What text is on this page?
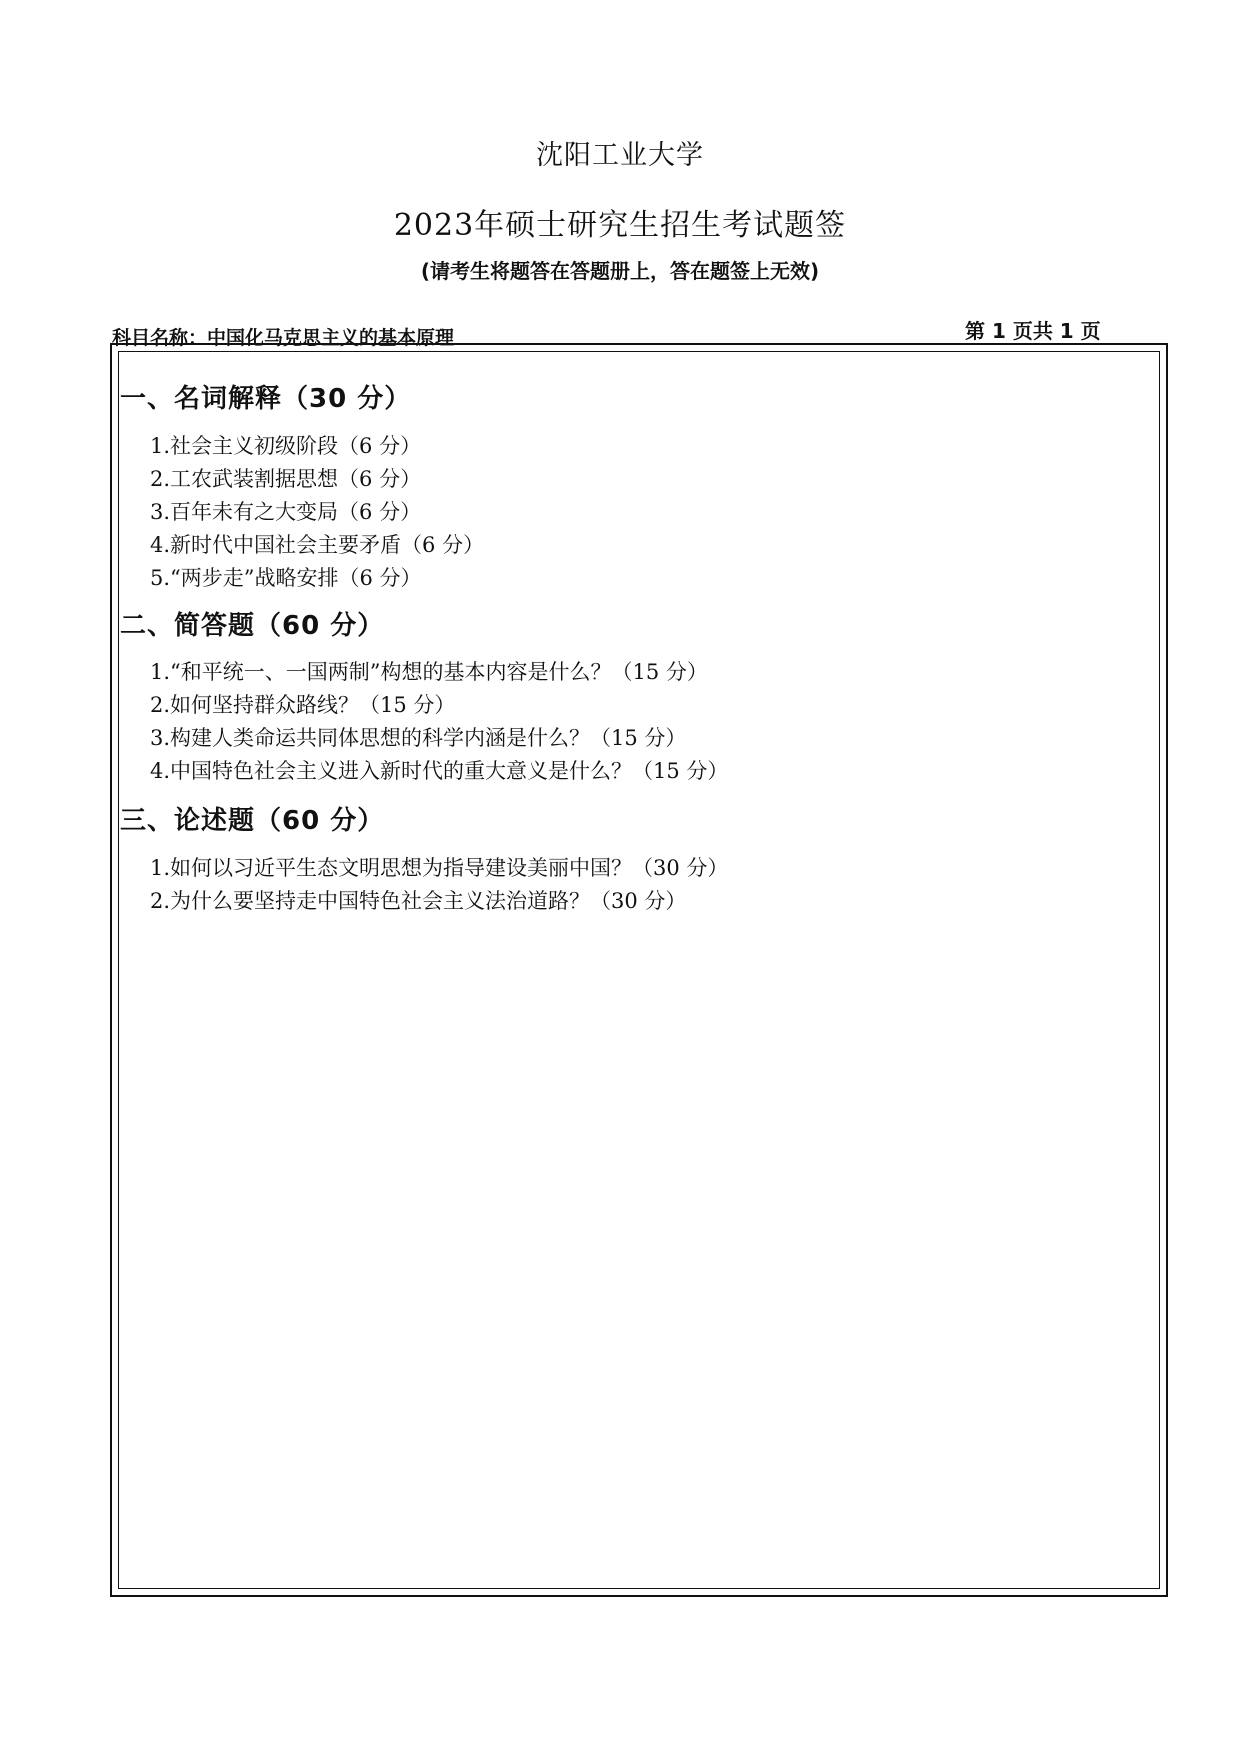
沈阳工业大学
2023年硕士研究生招生考试题签
(请考生将题答在答题册上，答在题签上无效)
科目名称：中国化马克思主义的基本原理	第 1 页共 1 页
一、名词解释（30 分）
1.社会主义初级阶段（6 分）
2.工农武装割据思想（6 分）
3.百年未有之大变局（6 分）
4.新时代中国社会主要矛盾（6 分）
5.“两步走”战略安排（6 分）
二、简答题（60 分）
1.“和平统一、一国两制”构想的基本内容是什么？（15 分）
2.如何坚持群众路线？（15 分）
3.构建人类命运共同体思想的科学内涵是什么？（15 分）
4.中国特色社会主义进入新时代的重大意义是什么？（15 分）
三、论述题（60 分）
1.如何以习近平生态文明思想为指导建设美丽中国？（30 分）
2.为什么要坚持走中国特色社会主义法治道路？（30 分）
